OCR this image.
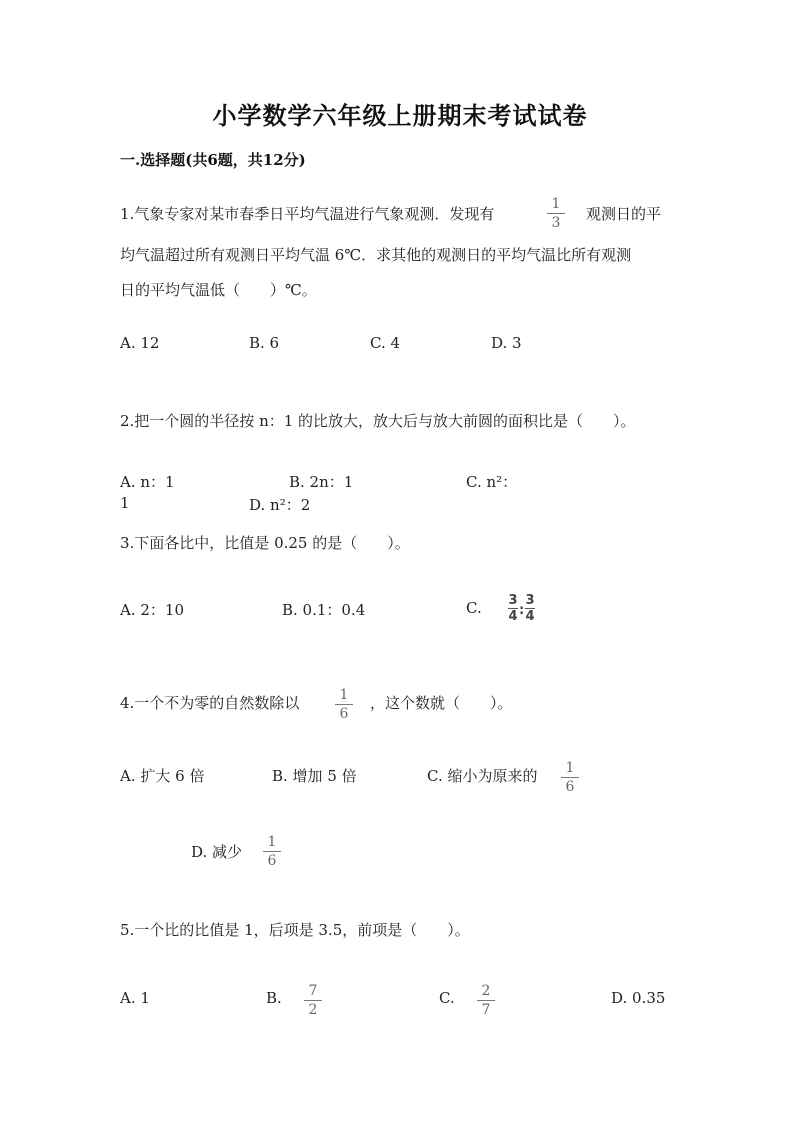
小学数学六年级上册期末考试试卷
一.选择题(共6题，共12分)
1.气象专家对某市春季日平均气温进行气象观测．发现有
1
3	观测日的平
均气温超过所有观测日平均气温 6℃．求其他的观测日的平均气温比所有观测
日的平均气温低（　　）℃。
A. 12	B. 6	C. 4	D. 3
2.把一个圆的半径按 n：1 的比放大，放大后与放大前圆的面积比是（　　）。
A. n：1	B. 2n：1	C. n²：
1	D. n²：2
3.下面各比中，比值是 0.25 的是（　　）。
A. 2：10	B. 0.1：0.4	C. 3
4 :
3
4
4.一个不为零的自然数除以	1
6
，这个数就（　　）。
A. 扩大 6 倍	B. 增加 5 倍	C. 缩小为原来的	1
6
D. 减少
1
6
5.一个比的比值是 1，后项是 3.5，前项是（　　）。
A. 1	B.	7
2
C.	2
7
D. 0.35
